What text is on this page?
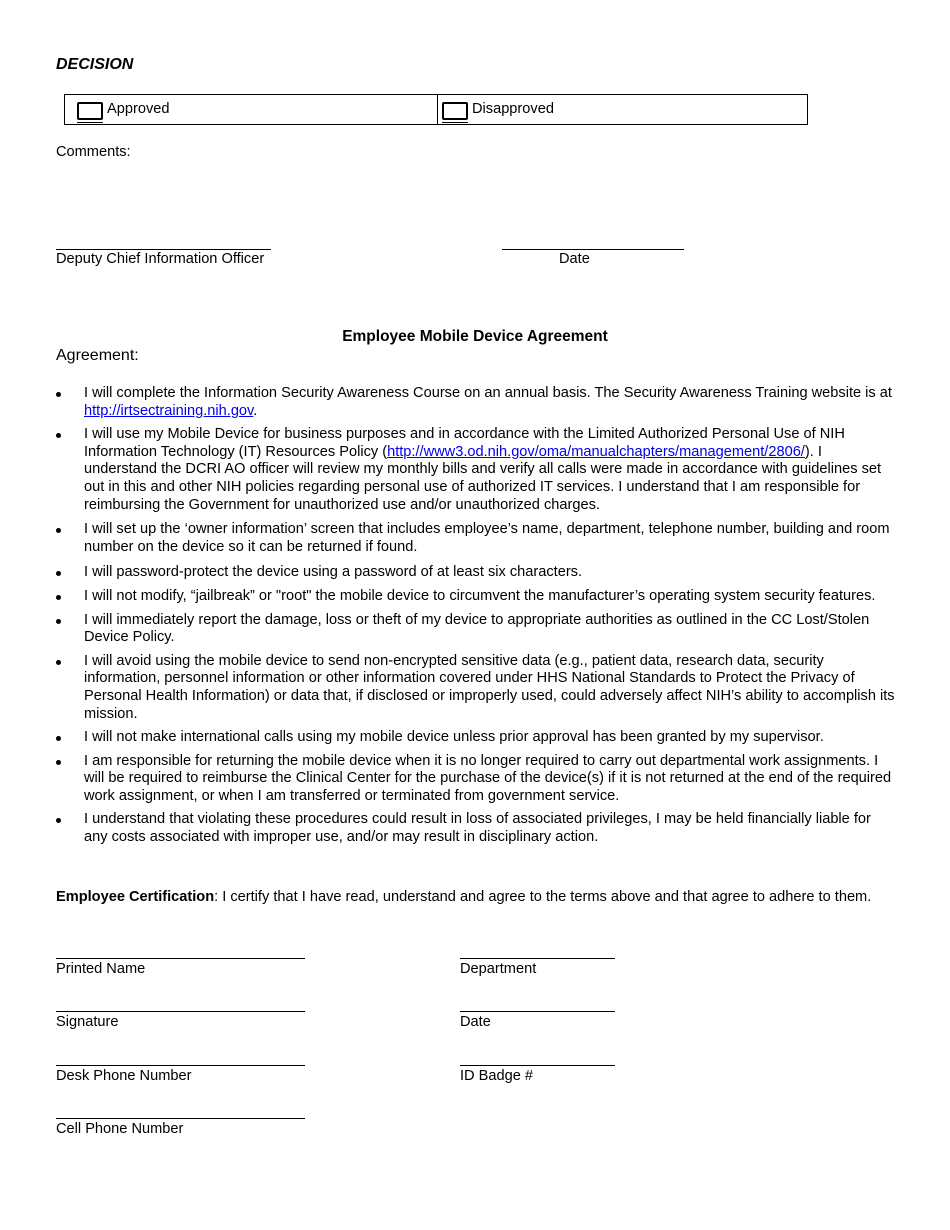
DECISION
Approved	Disapproved
Comments:
Deputy Chief Information Officer	Date
Employee Mobile Device Agreement
Agreement:
I will complete the Information Security Awareness Course on an annual basis. The Security Awareness Training website is at http://irtsectraining.nih.gov.
I will use my Mobile Device for business purposes and in accordance with the Limited Authorized Personal Use of NIH Information Technology (IT) Resources Policy (http://www3.od.nih.gov/oma/manualchapters/management/2806/). I understand the DCRI AO officer will review my monthly bills and verify all calls were made in accordance with guidelines set out in this and other NIH policies regarding personal use of authorized IT services. I understand that I am responsible for reimbursing the Government for unauthorized use and/or unauthorized charges.
I will set up the ‘owner information’ screen that includes employee’s name, department, telephone number, building and room number on the device so it can be returned if found.
I will password-protect the device using a password of at least six characters.
I will not modify, “jailbreak” or "root" the mobile device to circumvent the manufacturer’s operating system security features.
I will immediately report the damage, loss or theft of my device to appropriate authorities as outlined in the CC Lost/Stolen Device Policy.
I will avoid using the mobile device to send non-encrypted sensitive data (e.g., patient data, research data, security information, personnel information or other information covered under HHS National Standards to Protect the Privacy of Personal Health Information) or data that, if disclosed or improperly used, could adversely affect NIH’s ability to accomplish its mission.
I will not make international calls using my mobile device unless prior approval has been granted by my supervisor.
I am responsible for returning the mobile device when it is no longer required to carry out departmental work assignments. I will be required to reimburse the Clinical Center for the purchase of the device(s) if it is not returned at the end of the required work assignment, or when I am transferred or terminated from government service.
I understand that violating these procedures could result in loss of associated privileges, I may be held financially liable for any costs associated with improper use, and/or may result in disciplinary action.
Employee Certification: I certify that I have read, understand and agree to the terms above and that agree to adhere to them.
Printed Name	Department
Signature	Date
Desk Phone Number	ID Badge #
Cell Phone Number
